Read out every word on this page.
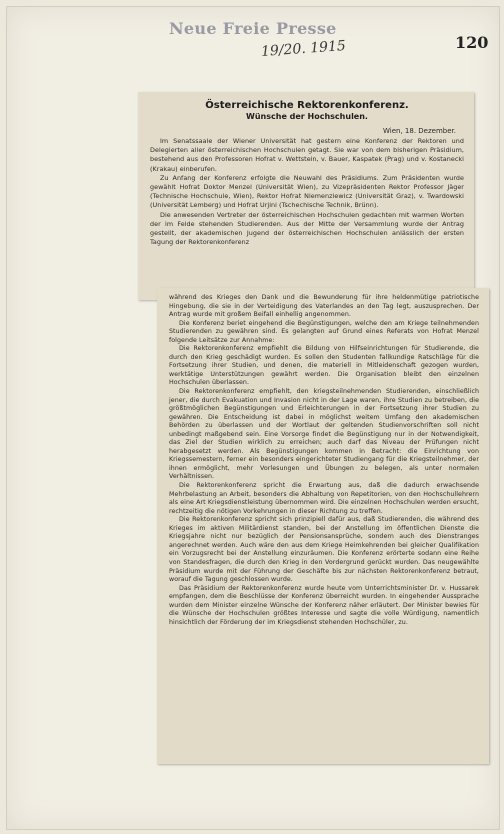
Neue Freie Presse
19/20. 1915	120
Österreichische Rektorenkonferenz.
Wünsche der Hochschulen.
Wien, 18. Dezember.

Im Senatssaale der Wiener Universität hat gestern eine Konferenz der Rektoren und Delegierten aller österreichischen Hochschulen getagt. Sie war von dem bisherigen Präsidium, bestehend aus den Professoren Hofrat v. Wettstein, v. Bauer, Kaspatek (Prag) und v. Kostanecki (Krakau) einberufen.

Zu Anfang der Konferenz erfolgte die Neuwahl des Präsidiums. Zum Präsidenten wurde gewählt Hofrat Doktor Menzel (Universität Wien), zu Vizepräsidenten Rektor Professor Jäger (Technische Hochschule, Wien), Rektor Hofrat Niemenziewicz (Universität Graz), v. Twardowski (Universität Lemberg) und Hofrat Urjini (Tschechische Technik, Brünn).

Die anwesenden Vertreter der österreichischen Hochschulen gedachten mit warmen Worten der im Felde stehenden Studierenden. Aus der Mitte der Versammlung wurde der Antrag gestellt, der akademischen Jugend der österreichischen Hochschulen anlässlich der ersten Tagung der Rektorenkonferenz

während des Krieges den Dank und die Bewunderung für ihre heldenmütige patriotische Hingebung, die sie in der Verteidigung des Vaterlandes an den Tag legt, auszusprechen. Der Antrag wurde mit großem Beifall einhellig angenommen.

Die Konferenz beriet eingehend die Begünstigungen, welche den am Kriege teilnehmenden Studierenden zu gewähren sind. Es gelangten auf Grund eines Referats von Hofrat Menzel folgende Leitsätze zur Annahme:

Die Rektorenkonferenz empfiehlt die Bildung von Hilfseinrichtungen für Studierende, die durch den Krieg geschädigt wurden. Es sollen den Studenten fallkundige Ratschläge für die Fortsetzung ihrer Studien, und denen, die materiell in Mitleidenschaft gezogen wurden, werktätige Unterstützungen gewährt werden. Die Organisation bleibt den einzelnen Hochschulen überlassen.

Die Rektorenkonferenz empfiehlt, den kriegsteilnehmenden Studierenden, einschließlich jener, die durch Evakuation und Invasion nicht in der Lage waren, ihre Studien zu betreiben, die größtmöglichen Begünstigungen und Erleichterungen in der Fortsetzung ihrer Studien zu gewähren. Die Entscheidung ist dabei in möglichst weitem Umfang den akademischen Behörden zu überlassen und der Wortlaut der geltenden Studienvorschriften soll nicht unbedingt maßgebend sein. Eine Vorsorge findet die Begünstigung nur in der Notwendigkeit, das Ziel der Studien wirklich zu erreichen; auch darf das Niveau der Prüfungen nicht herabgesetzt werden. Als Begünstigungen kommen in Betracht: die Einrichtung von Kriegssemestern, ferner ein besonders eingerichteter Studiengang für die Kriegsteilnehmer, der ihnen ermöglicht, mehr Vorlesungen und Übungen zu belegen, als unter normalen Verhältnissen.

Die Rektorenkonferenz spricht die Erwartung aus, daß die dadurch erwachsende Mehrbelastung an Arbeit, besonders die Abhaltung von Repetitorien, von den Hochschullehrern als eine Art Kriegsdienstleistung übernommen wird. Die einzelnen Hochschulen werden ersucht, rechtzeitig die nötigen Vorkehrungen in dieser Richtung zu treffen.

Die Rektorenkonferenz spricht sich prinzipiell dafür aus, daß Studierenden, die während des Krieges im aktiven Militärdienst standen, bei der Anstellung im öffentlichen Dienste die Kriegsjahre nicht nur bezüglich der Pensionsansprüche, sondern auch des Dienstranges angerechnet werden. Auch wäre den aus dem Kriege Heimkehrenden bei gleicher Qualifikation ein Vorzugsrecht bei der Anstellung einzuräumen. Die Konferenz erörterte sodann eine Reihe von Standesfragen, die durch den Krieg in den Vordergrund gerückt wurden. Das neugewählte Präsidium wurde mit der Führung der Geschäfte bis zur nächsten Rektorenkonferenz betraut, worauf die Tagung geschlossen wurde.

Das Präsidium der Rektorenkonferenz wurde heute vom Unterrichtsminister Dr. v. Hussarek empfangen, dem die Beschlüsse der Konferenz überreicht wurden. In eingehender Aussprache wurden dem Minister einzelne Wünsche der Konferenz näher erläutert. Der Minister bewies für die Wünsche der Hochschulen größtes Interesse und sagte die volle Würdigung, namentlich hinsichtlich der Förderung der im Kriegsdienst stehenden Hochschüler, zu.
